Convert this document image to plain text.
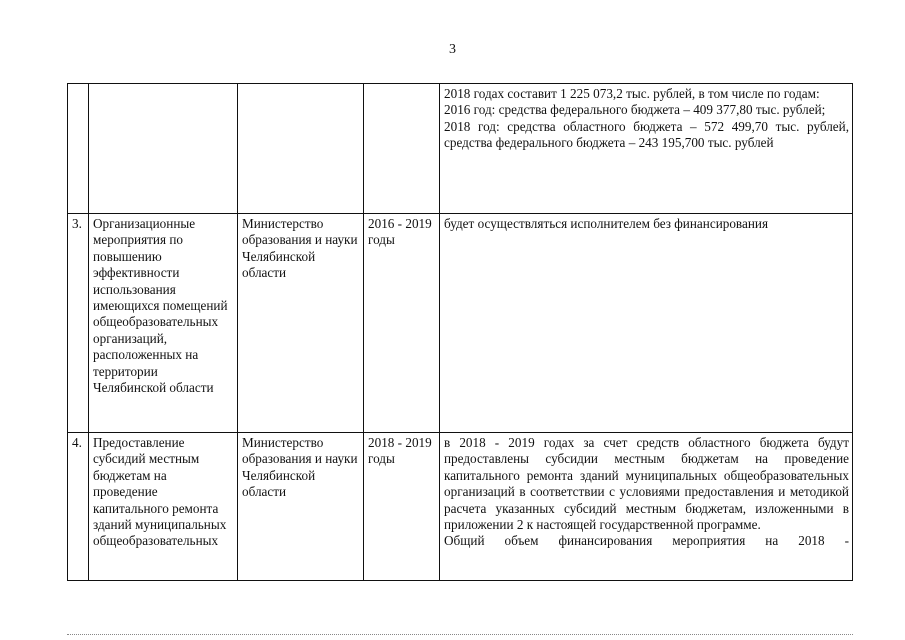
3

				2018 годах составит 1 225 073,2 тыс. рублей, в том числе по годам:
2016 год: средства федерального бюджета – 409 377,80 тыс. рублей;
2018 год: средства областного бюджета – 572 499,70 тыс. рублей, средства федерального бюджета – 243 195,700 тыс. рублей

3.	Организационные мероприятия по повышению эффективности использования имеющихся помещений общеобразовательных организаций, расположенных на территории Челябинской области	Министерство образования и науки Челябинской области	2016 - 2019 годы	будет осуществляться исполнителем без финансирования

4.	Предоставление субсидий местным бюджетам на проведение капитального ремонта зданий муниципальных общеобразовательных	Министерство образования и науки Челябинской области	2018 - 2019 годы	в 2018 - 2019 годах за счет средств областного бюджета будут предоставлены субсидии местным бюджетам на проведение капитального ремонта зданий муниципальных общеобразовательных организаций в соответствии с условиями предоставления и методикой расчета указанных субсидий местным бюджетам, изложенными в приложении 2 к настоящей государственной программе.
Общий объем финансирования мероприятия на 2018 -
